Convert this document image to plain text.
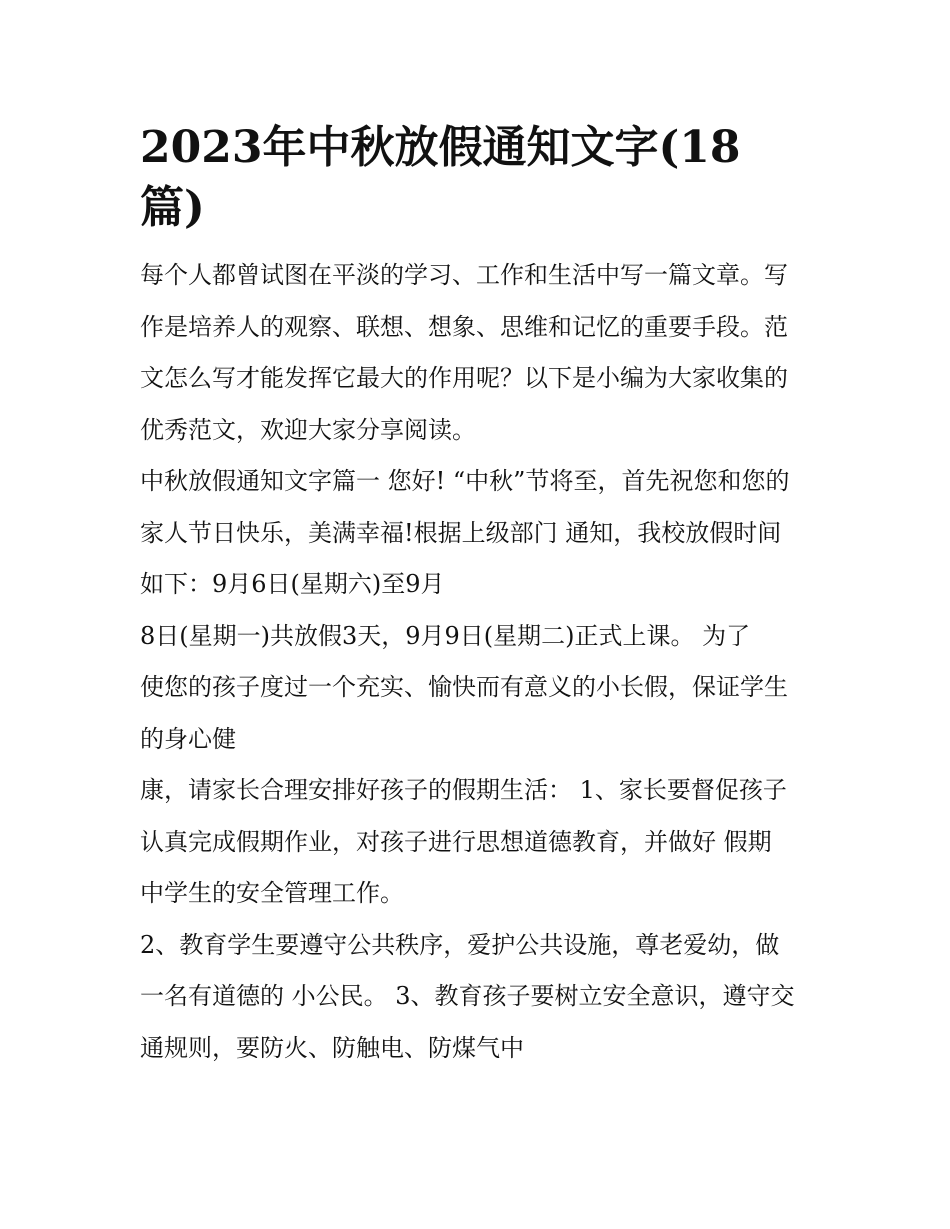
2023年中秋放假通知文字(18
篇)

每个人都曾试图在平淡的学习、工作和生活中写一篇文章。写
作是培养人的观察、联想、想象、思维和记忆的重要手段。范
文怎么写才能发挥它最大的作用呢？以下是小编为大家收集的
优秀范文，欢迎大家分享阅读。

中秋放假通知文字篇一 您好! “中秋”节将至，首先祝您和您的
家人节日快乐，美满幸福!根据上级部门 通知，我校放假时间
如下：9月6日(星期六)至9月

8日(星期一)共放假3天，9月9日(星期二)正式上课。 为了
使您的孩子度过一个充实、愉快而有意义的小长假，保证学生
的身心健

康，请家长合理安排好孩子的假期生活： 1、家长要督促孩子
认真完成假期作业，对孩子进行思想道德教育，并做好 假期
中学生的安全管理工作。

2、教育学生要遵守公共秩序，爱护公共设施，尊老爱幼，做
一名有道德的 小公民。 3、教育孩子要树立安全意识，遵守交
通规则，要防火、防触电、防煤气中
